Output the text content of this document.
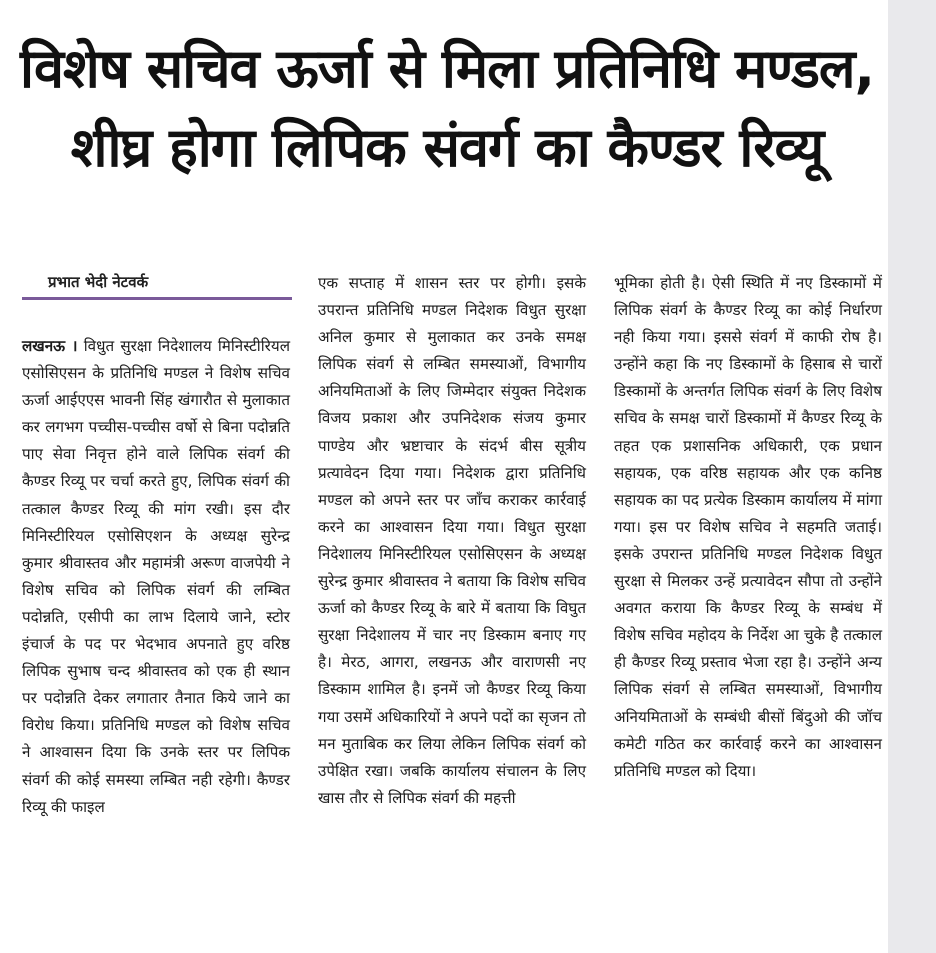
विशेष सचिव ऊर्जा से मिला प्रतिनिधि मण्डल,
शीघ्र होगा लिपिक संवर्ग का कैण्डर रिव्यू
प्रभात भेदी नेटवर्क

लखनऊ । विधुत सुरक्षा निदेशालय मिनिस्टीरियल एसोसिएसन के प्रतिनिधि मण्डल ने विशेष सचिव ऊर्जा आईएएस भावनी सिंह खंगारौत से मुलाकात कर लगभग पच्चीस-पच्चीस वर्षो से बिना पदोन्नति पाए सेवा निवृत्त होने वाले लिपिक संवर्ग की कैण्डर रिव्यू पर चर्चा करते हुए, लिपिक संवर्ग की तत्काल कैण्डर रिव्यू की मांग रखी। इस दौर मिनिस्टीरियल एसोसिएशन के अध्यक्ष सुरेन्द्र कुमार श्रीवास्तव और महामंत्री अरूण वाजपेयी ने विशेष सचिव को लिपिक संवर्ग की लम्बित पदोन्नति, एसीपी का लाभ दिलाये जाने, स्टोर इंचार्ज के पद पर भेदभाव अपनाते हुए वरिष्ठ लिपिक सुभाष चन्द श्रीवास्तव को एक ही स्थान पर पदोन्नति देकर लगातार तैनात किये जाने का विरोध किया। प्रतिनिधि मण्डल को विशेष सचिव ने आश्वासन दिया कि उनके स्तर पर लिपिक संवर्ग की कोई समस्या लम्बित नही रहेगी। कैण्डर रिव्यू की फाइल

एक सप्ताह में शासन स्तर पर होगी। इसके उपरान्त प्रतिनिधि मण्डल निदेशक विधुत सुरक्षा अनिल कुमार से मुलाकात कर उनके समक्ष लिपिक संवर्ग से लम्बित समस्याओं, विभागीय अनियमिताओं के लिए जिम्मेदार संयुक्त निदेशक विजय प्रकाश और उपनिदेशक संजय कुमार पाण्डेय और भ्रष्टाचार के संदर्भ बीस सूत्रीय प्रत्यावेदन दिया गया। निदेशक द्वारा प्रतिनिधि मण्डल को अपने स्तर पर जाँच कराकर कार्रवाई करने का आश्वासन दिया गया। विधुत सुरक्षा निदेशालय मिनिस्टीरियल एसोसिएसन के अध्यक्ष सुरेन्द्र कुमार श्रीवास्तव ने बताया कि विशेष सचिव ऊर्जा को कैण्डर रिव्यू के बारे में बताया कि विघुत सुरक्षा निदेशालय में चार नए डिस्काम बनाए गए है। मेरठ, आगरा, लखनऊ और वाराणसी नए डिस्काम शामिल है। इनमें जो कैण्डर रिव्यू किया गया उसमें अधिकारियों ने अपने पदों का सृजन तो मन मुताबिक कर लिया लेकिन लिपिक संवर्ग को उपेक्षित रखा। जबकि कार्यालय संचालन के लिए खास तौर से लिपिक संवर्ग की महत्ती

भूमिका होती है। ऐसी स्थिति में नए डिस्कामों में लिपिक संवर्ग के कैण्डर रिव्यू का कोई निर्धारण नही किया गया। इससे संवर्ग में काफी रोष है। उन्होंने कहा कि नए डिस्कामों के हिसाब से चारों डिस्कामों के अन्तर्गत लिपिक संवर्ग के लिए विशेष सचिव के समक्ष चारों डिस्कामों में कैण्डर रिव्यू के तहत एक प्रशासनिक अधिकारी, एक प्रधान सहायक, एक वरिष्ठ सहायक और एक कनिष्ठ सहायक का पद प्रत्येक डिस्काम कार्यालय में मांगा गया। इस पर विशेष सचिव ने सहमति जताई। इसके उपरान्त प्रतिनिधि मण्डल निदेशक विधुत सुरक्षा से मिलकर उन्हें प्रत्यावेदन सौपा तो उन्होंने अवगत कराया कि कैण्डर रिव्यू के सम्बंध में विशेष सचिव महोदय के निर्देश आ चुके है तत्काल ही कैण्डर रिव्यू प्रस्ताव भेजा रहा है। उन्होंने अन्य लिपिक संवर्ग से लम्बित समस्याओं, विभागीय अनियमिताओं के सम्बंधी बीसों बिंदुओ की जॉच कमेटी गठित कर कार्रवाई करने का आश्वासन प्रतिनिधि मण्डल को दिया।
